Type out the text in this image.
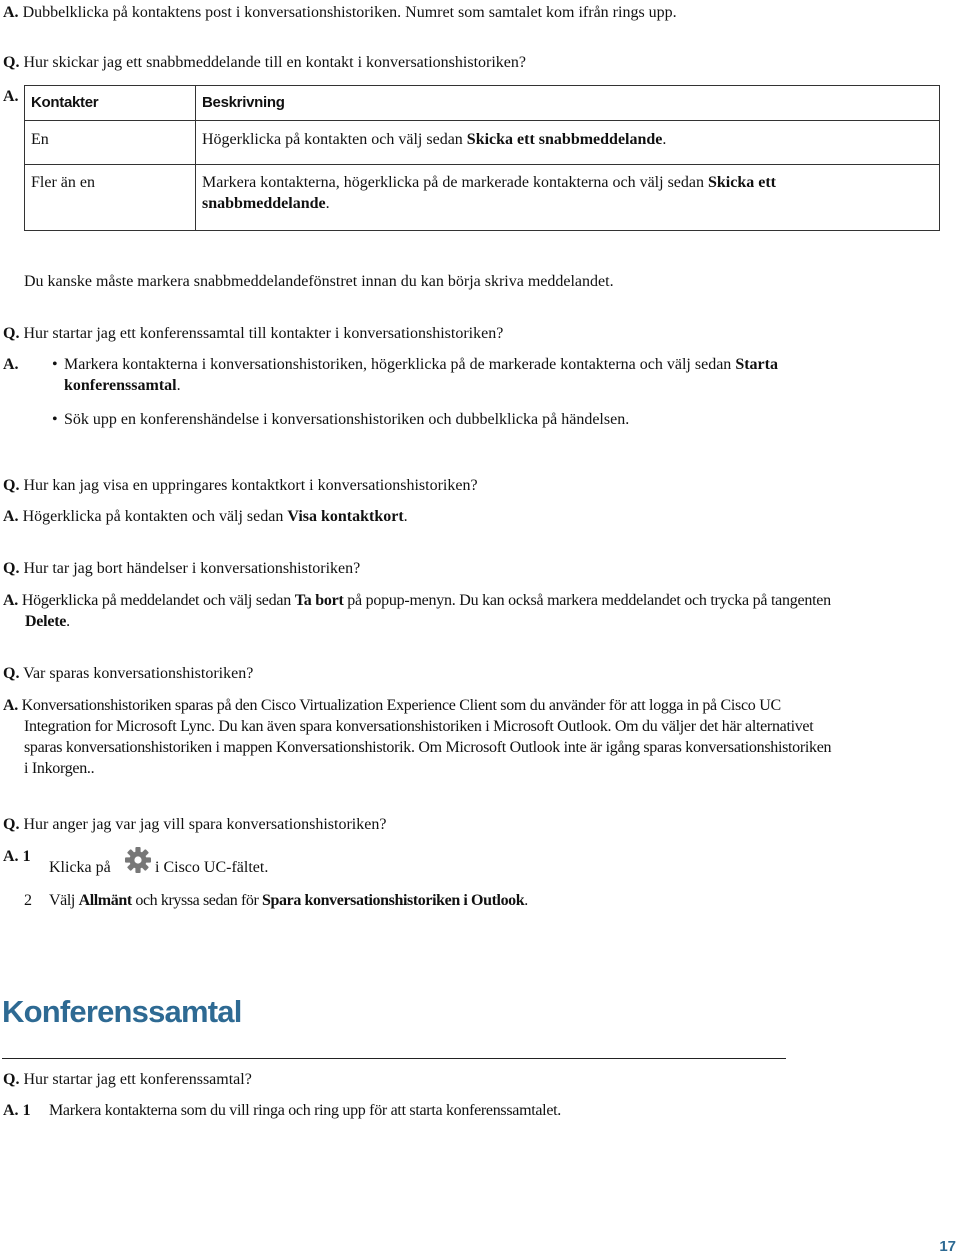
A. Dubbelklicka på kontaktens post i konversationshistoriken. Numret som samtalet kom ifrån rings upp.

Q. Hur skickar jag ett snabbmeddelande till en kontakt i konversationshistoriken?

A. Kontakter	Beskrivning
En	Högerklicka på kontakten och välj sedan Skicka ett snabbmeddelande.
Fler än en	Markera kontakterna, högerklicka på de markerade kontakterna och välj sedan Skicka ett
snabbmeddelande.
Du kanske måste markera snabbmeddelandefönstret innan du kan börja skriva meddelandet.

Q. Hur startar jag ett konferenssamtal till kontakter i konversationshistoriken?

A. • Markera kontakterna i konversationshistoriken, högerklicka på de markerade kontakterna och välj sedan Starta
konferenssamtal.
• Sök upp en konferenshändelse i konversationshistoriken och dubbelklicka på händelsen.

Q. Hur kan jag visa en uppringares kontaktkort i konversationshistoriken?

A. Högerklicka på kontakten och välj sedan Visa kontaktkort.

Q. Hur tar jag bort händelser i konversationshistoriken?

A. Högerklicka på meddelandet och välj sedan Ta bort på popup-menyn. Du kan också markera meddelandet och trycka på tangenten
Delete.

Q. Var sparas konversationshistoriken?

A. Konversationshistoriken sparas på den Cisco Virtualization Experience Client som du använder för att logga in på Cisco UC
Integration for Microsoft Lync. Du kan även spara konversationshistoriken i Microsoft Outlook. Om du väljer det här alternativet
sparas konversationshistoriken i mappen Konversationshistorik. Om Microsoft Outlook inte är igång sparas konversationshistoriken
i Inkorgen..

Q. Hur anger jag var jag vill spara konversationshistoriken?

A. 1

Klicka på	i Cisco UC-fältet.
2 Välj Allmänt och kryssa sedan för Spara konversationshistoriken i Outlook.
Konferenssamtal

Q. Hur startar jag ett konferenssamtal?

A. 1 Markera kontakterna som du vill ringa och ring upp för att starta konferenssamtalet.
17
